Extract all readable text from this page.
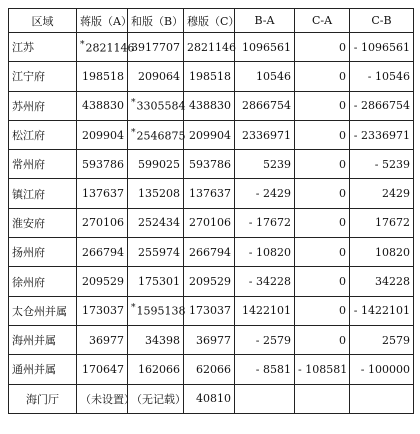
区域	蒋版（A）	和版（B）	穆版（C）	B-A	C-A	C-B
江苏	*2821146	3917707	2821146	1096561	0	- 1096561
江宁府	198518	209064	198518	10546	0	- 10546
苏州府	438830	*3305584	438830	2866754	0	- 2866754
松江府	209904	*2546875	209904	2336971	0	- 2336971
常州府	593786	599025	593786	5239	0	- 5239
镇江府	137637	135208	137637	- 2429	0	2429
淮安府	270106	252434	270106	- 17672	0	17672
扬州府	266794	255974	266794	- 10820	0	10820
徐州府	209529	175301	209529	- 34228	0	34228
太仓州并属	173037	*1595138	173037	1422101	0	- 1422101
海州并属	36977	34398	36977	- 2579	0	2579
通州并属	170647	162066	62066	- 8581	- 108581	- 100000
海门厅	（未设置）	（无记载）	40810			
